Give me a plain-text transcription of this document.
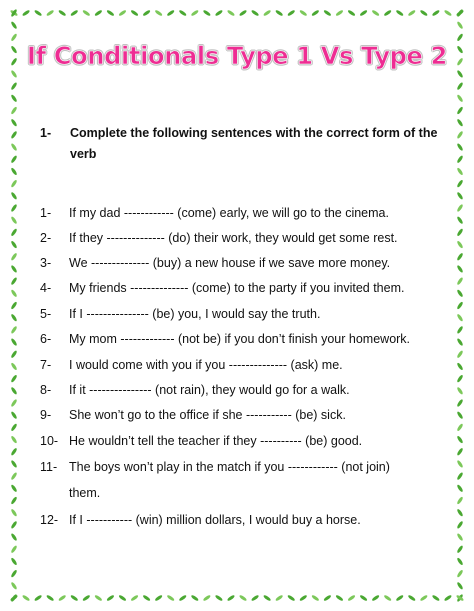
If Conditionals Type 1 Vs Type 2
1- Complete the following sentences with the correct form of the verb
1- If my dad ------------ (come) early, we will go to the cinema.
2- If they -------------- (do) their work, they would get some rest.
3- We -------------- (buy) a new house if we save more money.
4- My friends -------------- (come) to the party if you invited them.
5- If I --------------- (be) you, I would say the truth.
6- My mom ------------- (not be) if you don’t finish your homework.
7- I would come with you if you -------------- (ask) me.
8- If it --------------- (not rain), they would go for a walk.
9- She won’t go to the office if she ----------- (be) sick.
10- He wouldn’t tell the teacher if they ---------- (be) good.
11- The boys won’t play in the match if you ------------ (not join)
them.
12- If I ----------- (win) million dollars, I would buy a horse.
